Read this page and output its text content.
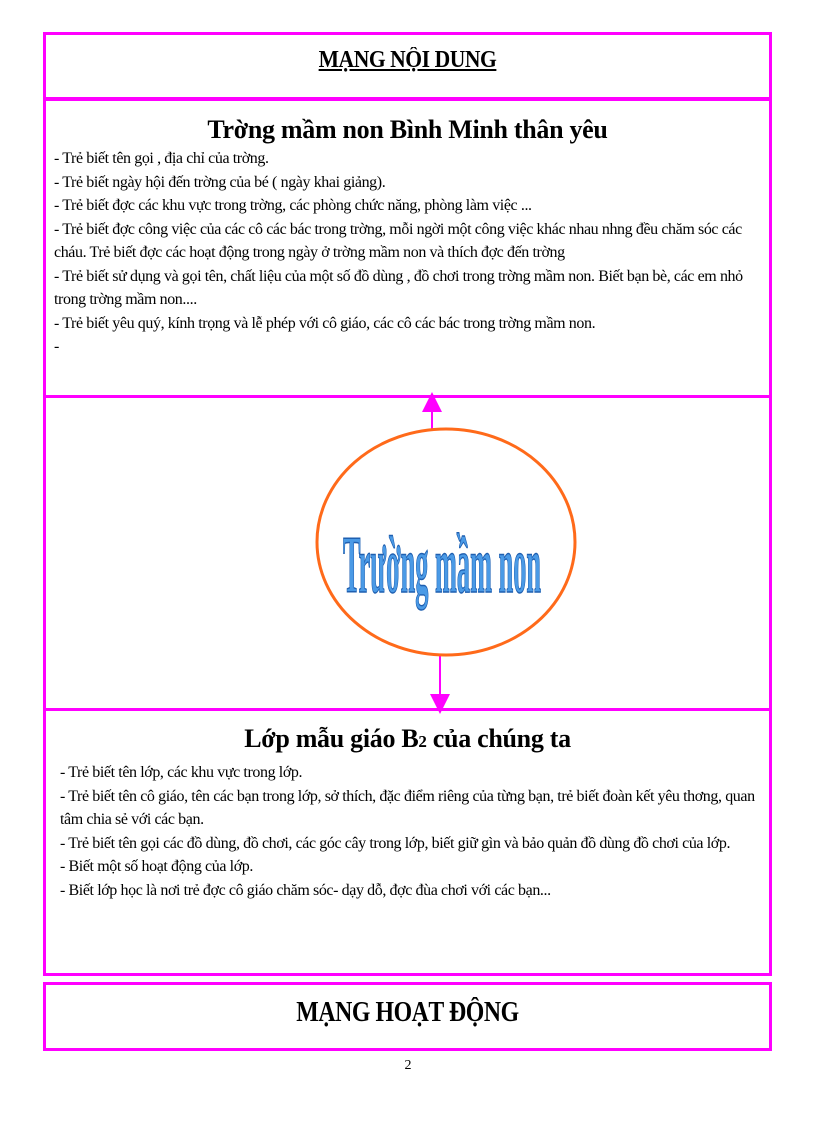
MẠNG NỘI DUNG
Trờng mầm non Bình Minh thân yêu

- Trẻ biết tên gọi , địa chỉ của trờng.

- Trẻ biết ngày hội đến trờng của bé ( ngày khai giảng).

- Trẻ biết đợc các khu vực trong trờng, các phòng chức năng, phòng làm việc ...

- Trẻ biết đợc công việc của các cô các bác trong trờng, mỗi ngời một công việc khác nhau nhng đều chăm sóc các cháu. Trẻ biết đợc các hoạt động trong ngày ở trờng mầm non và thích đợc đến trờng

- Trẻ biết sử dụng và gọi tên, chất liệu của một số đồ dùng , đồ chơi trong trờng mầm non. Biết bạn bè, các em nhỏ trong trờng mầm non....

- Trẻ biết yêu quý, kính trọng và lễ phép với cô giáo, các cô các bác trong trờng mầm non.

-

Trường mầm non
Lớp mẫu giáo B2 của chúng ta

- Trẻ biết tên lớp, các khu vực trong lớp.

- Trẻ biết tên cô giáo, tên các bạn trong lớp, sở thích, đặc điểm riêng của từng bạn, trẻ biết đoàn kết yêu thơng, quan tâm chia sẻ với các bạn.

- Trẻ biết tên gọi các đồ dùng, đồ chơi, các góc cây trong lớp, biết giữ gìn và bảo quản đồ dùng đồ chơi của lớp.

- Biết một số hoạt động của lớp.

- Biết lớp học là nơi trẻ đợc cô giáo chăm sóc- dạy dỗ, đợc đùa chơi với các bạn...

MẠNG HOẠT ĐỘNG
2
